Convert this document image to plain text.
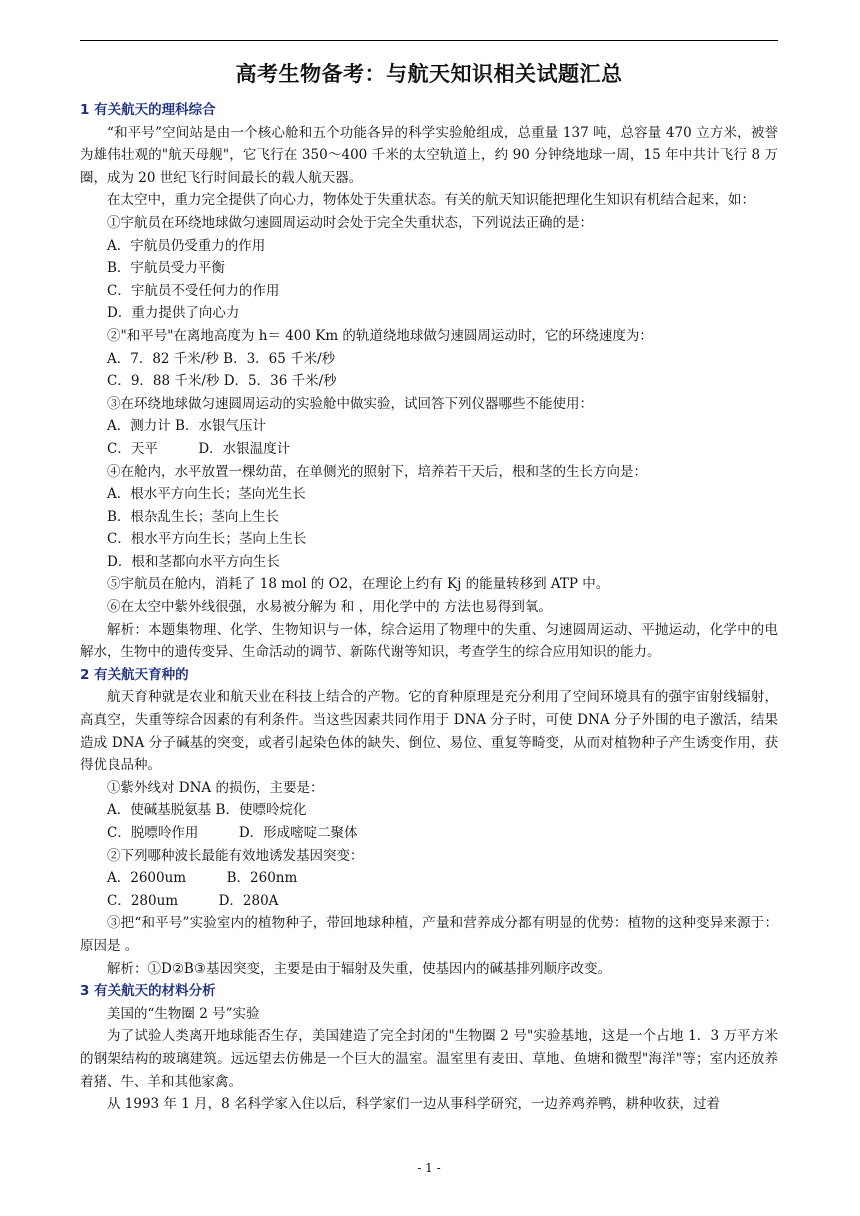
高考生物备考：与航天知识相关试题汇总

1 有关航天的理科综合

“和平号”空间站是由一个核心舱和五个功能各异的科学实验舱组成，总重量 137 吨，总容量 470 立方米，被誉为雄伟壮观的"航天母舰"，它飞行在 350～400 千米的太空轨道上，约 90 分钟绕地球一周，15 年中共计飞行 8 万圈，成为 20 世纪飞行时间最长的载人航天器。

在太空中，重力完全提供了向心力，物体处于失重状态。有关的航天知识能把理化生知识有机结合起来，如：

①宇航员在环绕地球做匀速圆周运动时会处于完全失重状态，下列说法正确的是：

A．宇航员仍受重力的作用

B．宇航员受力平衡

C．宇航员不受任何力的作用

D．重力提供了向心力

②"和平号"在离地高度为 h＝ 400 Km 的轨道绕地球做匀速圆周运动时，它的环绕速度为：

A．7．82 千米/秒 B．3．65 千米/秒

C．9．88 千米/秒 D．5．36 千米/秒

③在环绕地球做匀速圆周运动的实验舱中做实验，试回答下列仪器哪些不能使用：

A．测力计 B．水银气压计

C．天平	D．水银温度计

④在舱内，水平放置一棵幼苗，在单侧光的照射下，培养若干天后，根和茎的生长方向是：

A．根水平方向生长；茎向光生长

B．根杂乱生长；茎向上生长

C．根水平方向生长；茎向上生长

D．根和茎都向水平方向生长

⑤宇航员在舱内，消耗了 18 mol 的 O2，在理论上约有 Kj 的能量转移到 ATP 中。

⑥在太空中紫外线很强，水易被分解为 和 ，用化学中的 方法也易得到氧。

解析：本题集物理、化学、生物知识与一体，综合运用了物理中的失重、匀速圆周运动、平抛运动，化学中的电解水，生物中的遗传变异、生命活动的调节、新陈代谢等知识，考查学生的综合应用知识的能力。

2 有关航天育种的

航天育种就是农业和航天业在科技上结合的产物。它的育种原理是充分利用了空间环境具有的强宇宙射线辐射，高真空，失重等综合因素的有利条件。当这些因素共同作用于 DNA 分子时，可使 DNA 分子外围的电子激活，结果造成 DNA 分子碱基的突变，或者引起染色体的缺失、倒位、易位、重复等畸变，从而对植物种子产生诱变作用，获得优良品种。

①紫外线对 DNA 的损伤，主要是：

A．使碱基脱氨基 B．使嘌呤烷化

C．脱嘌呤作用	D．形成嘧啶二聚体

②下列哪种波长最能有效地诱发基因突变：

A．2600um	B．260nm

C．280um	D．280A

③把“和平号”实验室内的植物种子，带回地球种植，产量和营养成分都有明显的优势：植物的这种变异来源于： 原因是 。

解析：①D②B③基因突变，主要是由于辐射及失重，使基因内的碱基排列顺序改变。

3 有关航天的材料分析

美国的“生物圈 2 号”实验

为了试验人类离开地球能否生存，美国建造了完全封闭的"生物圈 2 号"实验基地，这是一个占地 1．3 万平方米的钢架结构的玻璃建筑。远远望去仿佛是一个巨大的温室。温室里有麦田、草地、鱼塘和微型"海洋"等；室内还放养着猪、牛、羊和其他家禽。

从 1993 年 1 月，8 名科学家入住以后，科学家们一边从事科学研究，一边养鸡养鸭，耕种收获，过着

- 1 -
